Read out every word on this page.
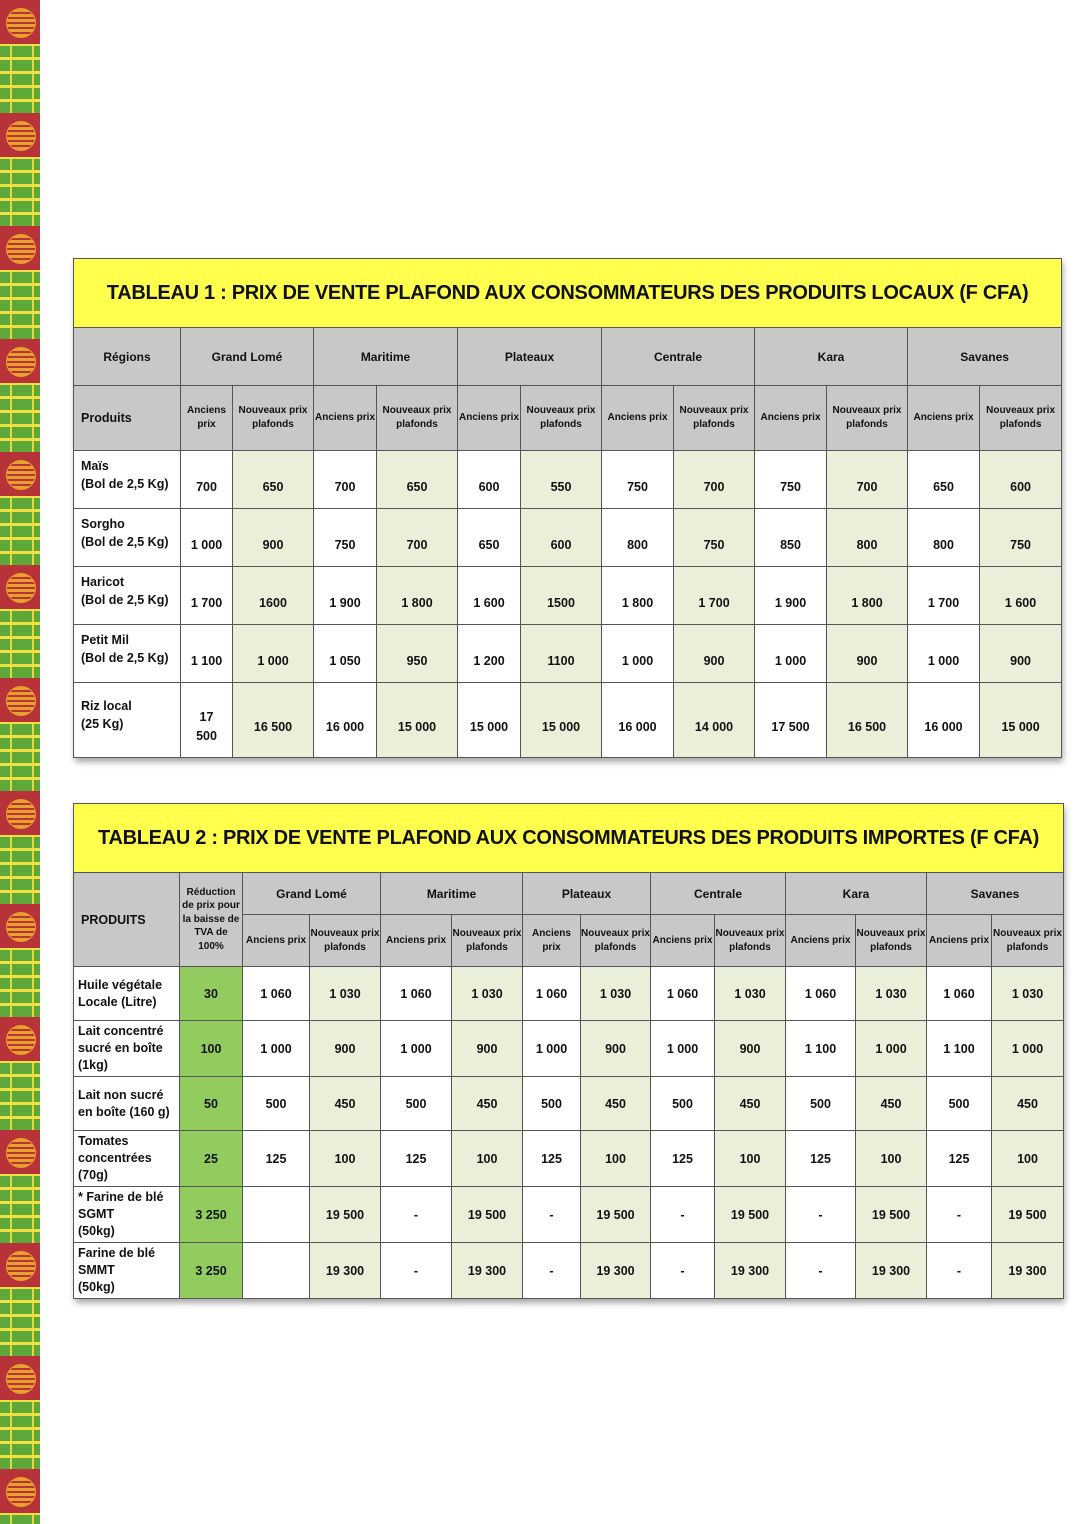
TABLEAU 1 : PRIX DE VENTE PLAFOND AUX CONSOMMATEURS DES PRODUITS LOCAUX (F CFA)												
Régions	Grand Lomé		Maritime		Plateaux		Centrale		Kara		Savanes	
Produits	Anciens prix	Nouveaux prix plafonds	Anciens prix	Nouveaux prix plafonds	Anciens prix	Nouveaux prix plafonds	Anciens prix	Nouveaux prix plafonds	Anciens prix	Nouveaux prix plafonds	Anciens prix	Nouveaux prix plafonds

Maïs
(Bol de 2,5 Kg)	700	650	700	650	600	550	750	700	750	700	650	600

Sorgho
(Bol de 2,5 Kg)	1 000	900	750	700	650	600	800	750	850	800	800	750

Haricot
(Bol de 2,5 Kg)	1 700	1600	1 900	1 800	1 600	1500	1 800	1 700	1 900	1 800	1 700	1 600

Petit Mil
(Bol de 2,5 Kg)	1 100	1 000	1 050	950	1 200	1100	1 000	900	1 000	900	1 000	900

Riz local
(25 Kg)	17 500	16 500	16 000	15 000	15 000	15 000	16 000	14 000	17 500	16 500	16 000	15 000
TABLEAU 2 : PRIX DE VENTE PLAFOND AUX CONSOMMATEURS DES PRODUITS IMPORTES (F CFA)													
PRODUITS	Réduction de prix pour la baisse de TVA de 100%	Grand Lomé		Maritime		Plateaux		Centrale		Kara		Savanes	
		Anciens prix	Nouveaux prix plafonds	Anciens prix	Nouveaux prix plafonds	Anciens prix	Nouveaux prix plafonds	Anciens prix	Nouveaux prix plafonds	Anciens prix	Nouveaux prix plafonds	Anciens prix	Nouveaux prix plafonds

Huile végétale
Locale (Litre)	30	1 060	1 030	1 060	1 030	1 060	1 030	1 060	1 030	1 060	1 030	1 060	1 030

Lait concentré
sucré en boîte
(1kg)	100	1 000	900	1 000	900	1 000	900	1 000	900	1 100	1 000	1 100	1 000

Lait non sucré
en boîte (160 g)	50	500	450	500	450	500	450	500	450	500	450	500	450

Tomates
concentrées
(70g)	25	125	100	125	100	125	100	125	100	125	100	125	100

* Farine de blé
SGMT
(50kg)	3 250		19 500	-	19 500	-	19 500	-	19 500	-	19 500	-	19 500

Farine de blé
SMMT
(50kg)	3 250		19 300	-	19 300	-	19 300	-	19 300	-	19 300	-	19 300
